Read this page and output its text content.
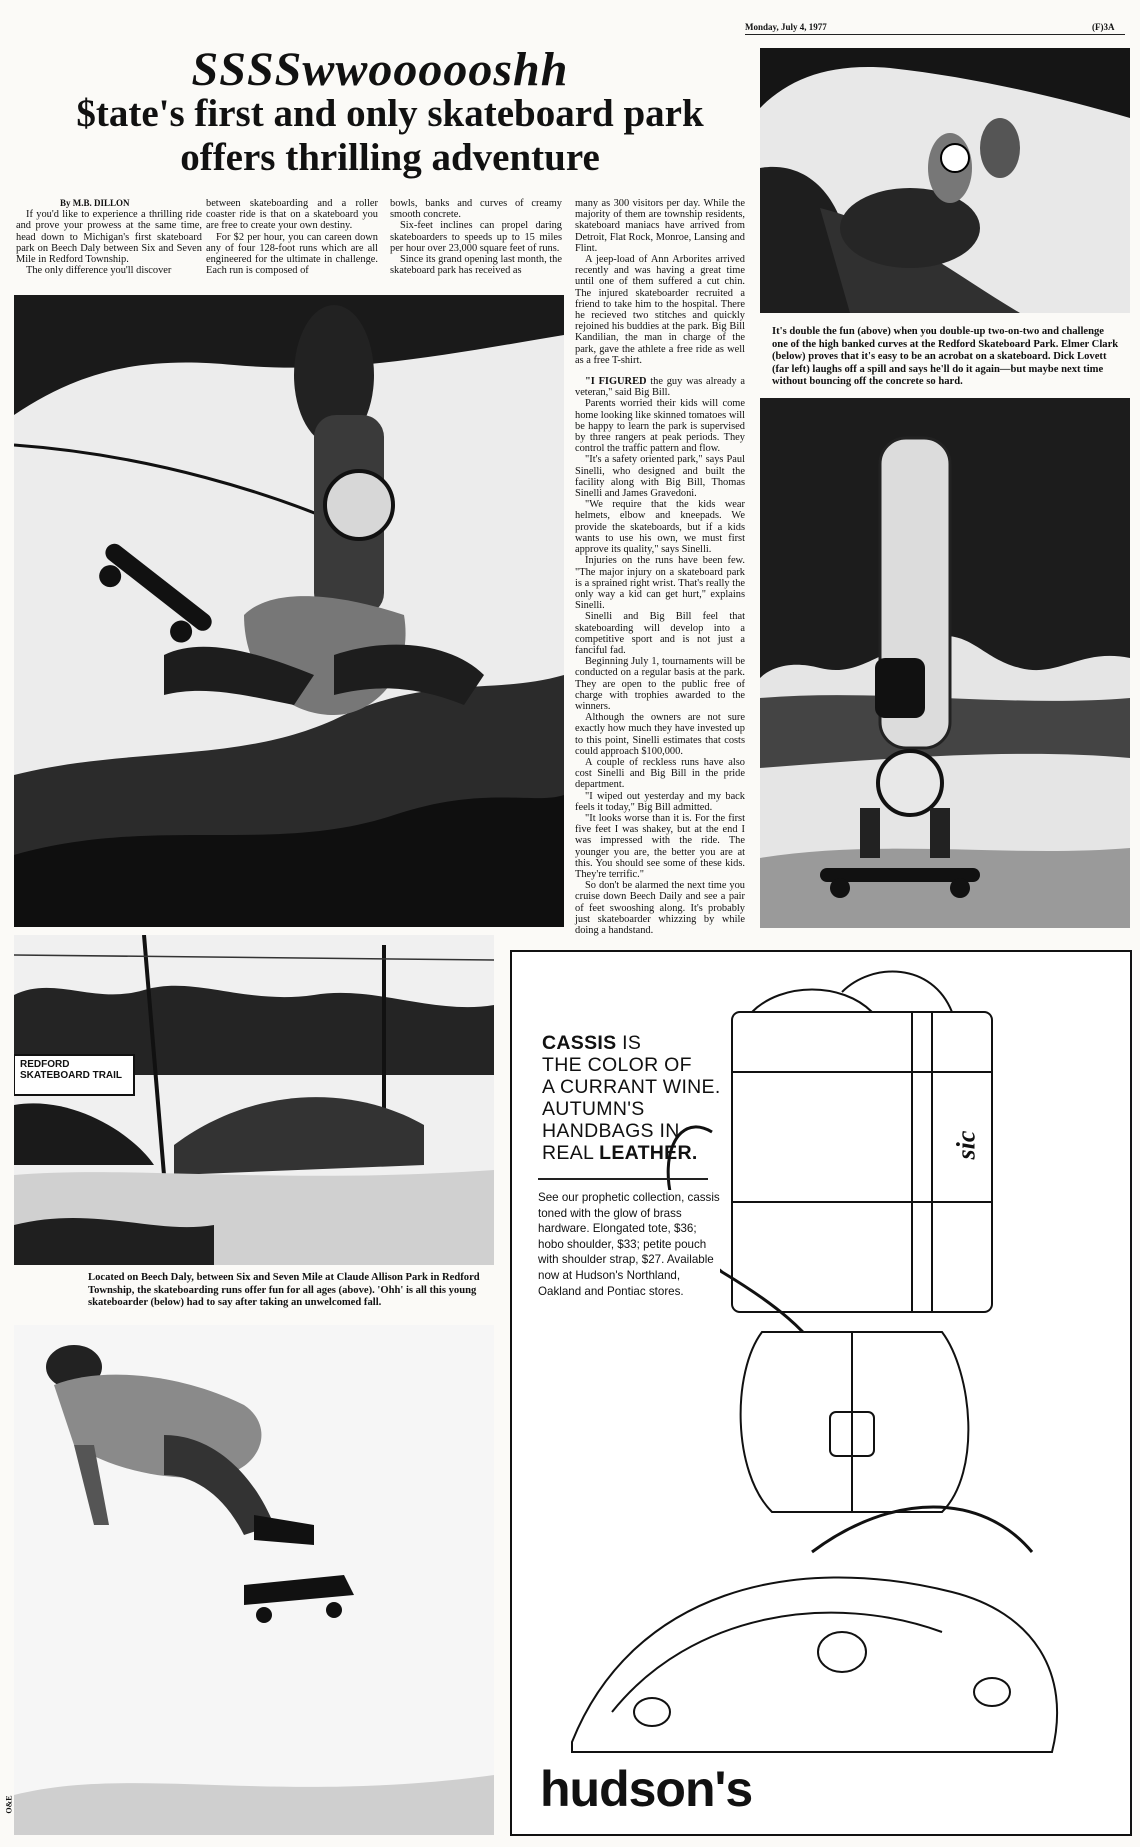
Monday, July 4, 1977	(F)3A
SSSSwwoooooshh
$tate's first and only skateboard park offers thrilling adventure
By M.B. DILLON

If you'd like to experience a thrilling ride and prove your prowess at the same time, head down to Michigan's first skateboard park on Beech Daly between Six and Seven Mile in Redford Township.

The only difference you'll discover

between skateboarding and a roller coaster ride is that on a skateboard you are free to create your own destiny.

For $2 per hour, you can careen down any of four 128-foot runs which are all engineered for the ultimate in challenge. Each run is composed of

bowls, banks and curves of creamy smooth concrete.

Six-feet inclines can propel daring skateboarders to speeds up to 15 miles per hour over 23,000 square feet of runs.

Since its grand opening last month, the skateboard park has received as

many as 300 visitors per day. While the majority of them are township residents, skateboard maniacs have arrived from Detroit, Flat Rock, Monroe, Lansing and Flint.

A jeep-load of Ann Arborites arrived recently and was having a great time until one of them suffered a cut chin. The injured skateboarder recruited a friend to take him to the hospital. There he recieved two stitches and quickly rejoined his buddies at the park. Big Bill Kandilian, the man in charge of the park, gave the athlete a free ride as well as a free T-shirt.

"I FIGURED the guy was already a veteran," said Big Bill.

Parents worried their kids will come home looking like skinned tomatoes will be happy to learn the park is supervised by three rangers at peak periods. They control the traffic pattern and flow.

"It's a safety oriented park," says Paul Sinelli, who designed and built the facility along with Big Bill, Thomas Sinelli and James Gravedoni.

"We require that the kids wear helmets, elbow and kneepads. We provide the skateboards, but if a kids wants to use his own, we must first approve its quality," says Sinelli.

Injuries on the runs have been few. "The major injury on a skateboard park is a sprained right wrist. That's really the only way a kid can get hurt," explains Sinelli.

Sinelli and Big Bill feel that skateboarding will develop into a competitive sport and is not just a fanciful fad.

Beginning July 1, tournaments will be conducted on a regular basis at the park. They are open to the public free of charge with trophies awarded to the winners.

Although the owners are not sure exactly how much they have invested up to this point, Sinelli estimates that costs could approach $100,000.

A couple of reckless runs have also cost Sinelli and Big Bill in the pride department.

"I wiped out yesterday and my back feels it today," Big Bill admitted.

"It looks worse than it is. For the first five feet I was shakey, but at the end I was impressed with the ride. The younger you are, the better you are at this. You should see some of these kids. They're terrific."

So don't be alarmed the next time you cruise down Beech Daily and see a pair of feet swooshing along. It's probably just skateboarder whizzing by while doing a handstand.

It's double the fun (above) when you double-up two-on-two and challenge one of the high banked curves at the Redford Skateboard Park. Elmer Clark (below) proves that it's easy to be an acrobat on a skateboard. Dick Lovett (far left) laughs off a spill and says he'll do it again—but maybe next time without bouncing off the concrete so hard.
REDFORD SKATEBOARD TRAIL
Located on Beech Daly, between Six and Seven Mile at Claude Allison Park in Redford Township, the skateboarding runs offer fun for all ages (above). 'Ohh' is all this young skateboarder (below) had to say after taking an unwelcomed fall.
sic
CASSIS IS
THE COLOR OF
A CURRANT WINE.
AUTUMN'S
HANDBAGS IN
REAL LEATHER.
See our prophetic collection, cassis toned with the glow of brass hardware. Elongated tote, $36; hobo shoulder, $33; petite pouch with shoulder strap, $27. Available now at Hudson's Northland, Oakland and Pontiac stores.
hudson's
O&E
